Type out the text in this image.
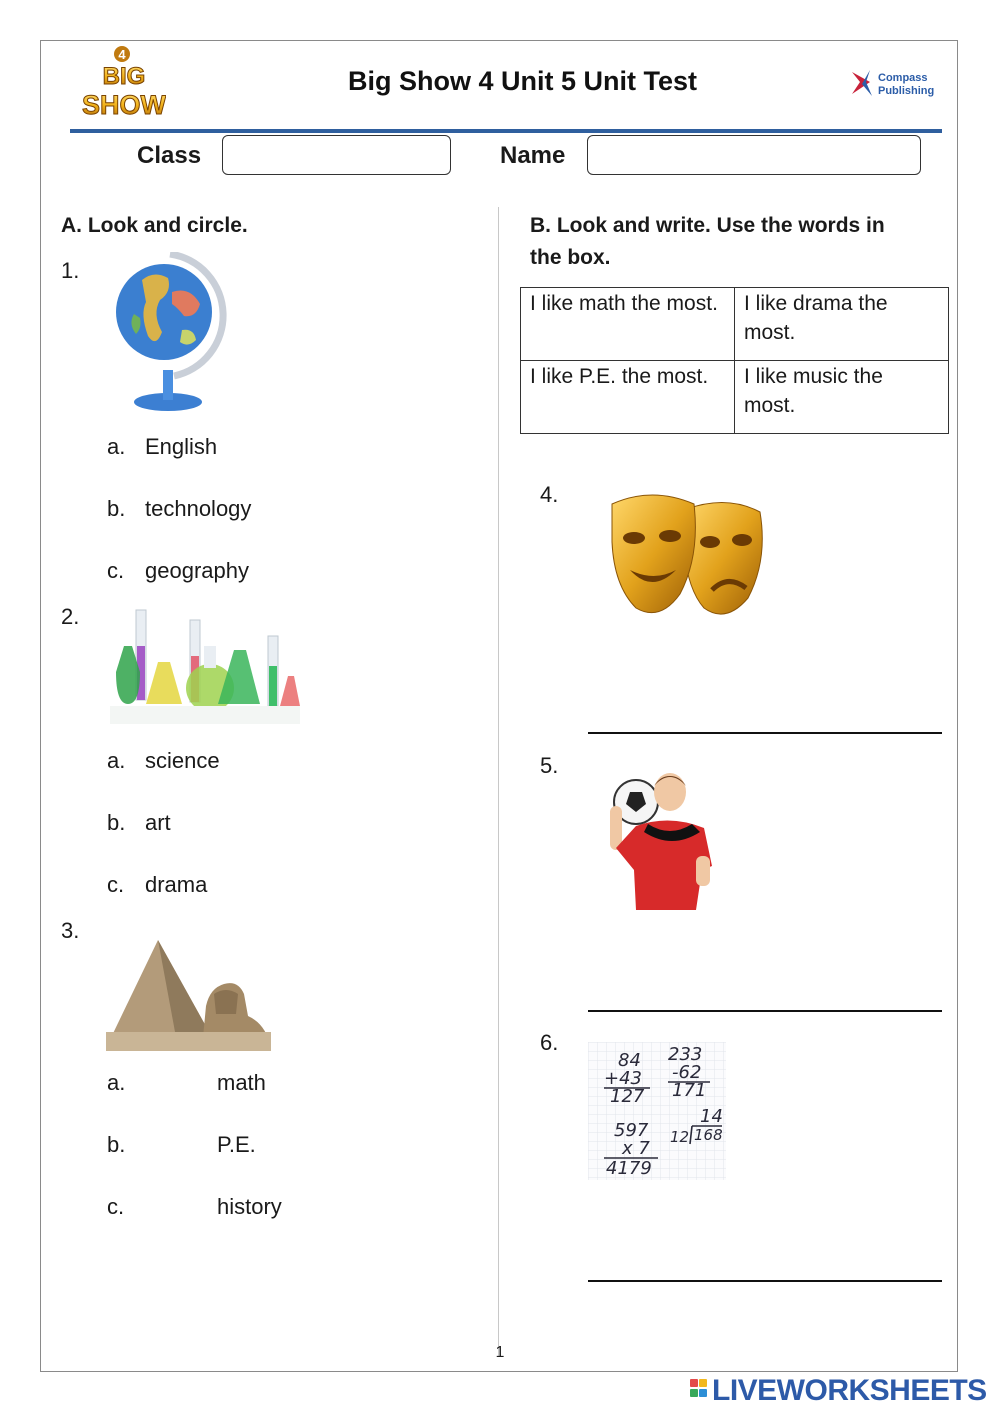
4
BIG
SHOW
Big Show 4 Unit 5 Unit Test	Compass
Publishing
Class	Name
A. Look and circle.
1.
a. English
b. technology
c. geography
2.
a. science
b. art
c. drama
3.
a.	math
b.	P.E.
c.	history
B. Look and write. Use the words in
the box.
I like math the most.	I like drama the most.
I like P.E. the most.	I like music the most.
4.
5.
6.
84
+43
127
233
-62
171
597
x 7
4179
14
12 168
1
LIVEWORKSHEETS
